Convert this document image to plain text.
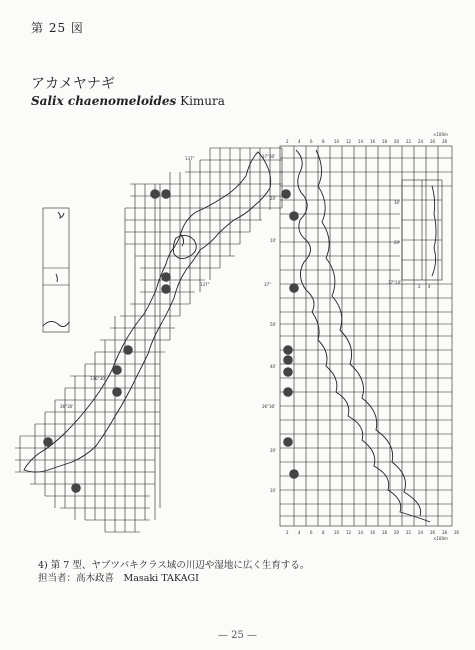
第 25 図
アカメヤナギ
Salix chaenomeloides Kimura
137°
137°
136°30'
36°30'
37°30'
20'
10'
37°
50'
40'
36°30'
20'
10'
30'
20'
37°10'
2 4 6 8 10 12 14 16 18 20 22 24 26 28
×100m
2 4 6 8 10 12 14 16 18 20 22 24 26 28 30
×100m
2 4
4) 第 7 型、ヤブツバキクラス域の川辺や湿地に広く生育する。
担当者：高木政喜　Masaki TAKAGI
— 25 —
